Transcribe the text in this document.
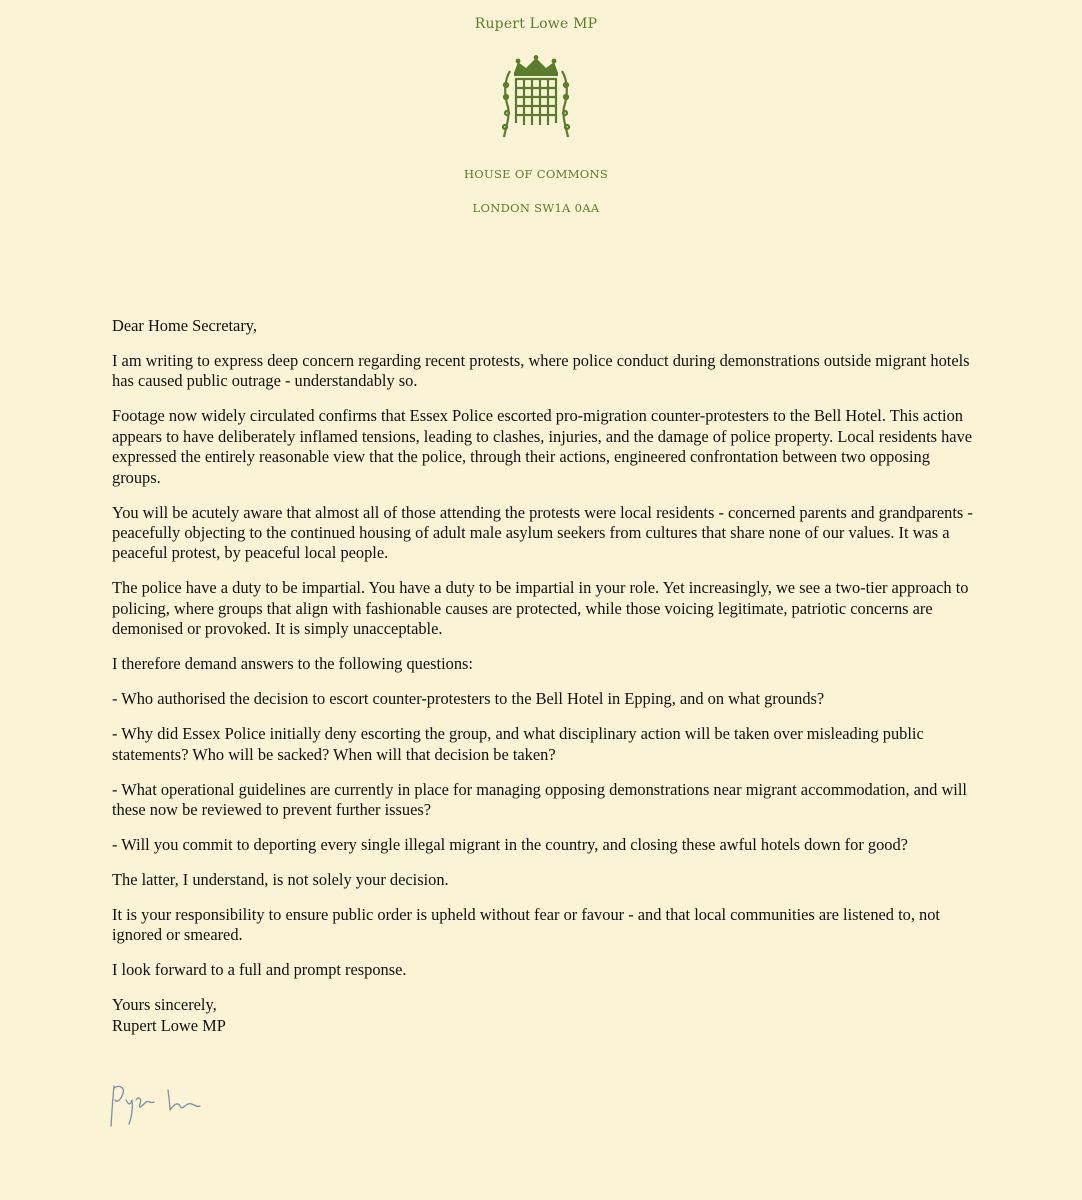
Rupert Lowe MP
HOUSE OF COMMONS
LONDON SW1A 0AA

Dear Home Secretary,

I am writing to express deep concern regarding recent protests, where police conduct during demonstrations outside migrant hotels has caused public outrage - understandably so.

Footage now widely circulated confirms that Essex Police escorted pro-migration counter-protesters to the Bell Hotel. This action appears to have deliberately inflamed tensions, leading to clashes, injuries, and the damage of police property. Local residents have expressed the entirely reasonable view that the police, through their actions, engineered confrontation between two opposing groups.

You will be acutely aware that almost all of those attending the protests were local residents - concerned parents and grandparents - peacefully objecting to the continued housing of adult male asylum seekers from cultures that share none of our values. It was a peaceful protest, by peaceful local people.

The police have a duty to be impartial. You have a duty to be impartial in your role. Yet increasingly, we see a two-tier approach to policing, where groups that align with fashionable causes are protected, while those voicing legitimate, patriotic concerns are demonised or provoked. It is simply unacceptable.

I therefore demand answers to the following questions:

- Who authorised the decision to escort counter-protesters to the Bell Hotel in Epping, and on what grounds?

- Why did Essex Police initially deny escorting the group, and what disciplinary action will be taken over misleading public statements? Who will be sacked? When will that decision be taken?

- What operational guidelines are currently in place for managing opposing demonstrations near migrant accommodation, and will these now be reviewed to prevent further issues?

- Will you commit to deporting every single illegal migrant in the country, and closing these awful hotels down for good?

The latter, I understand, is not solely your decision.

It is your responsibility to ensure public order is upheld without fear or favour - and that local communities are listened to, not ignored or smeared.

I look forward to a full and prompt response.

Yours sincerely,
Rupert Lowe MP
